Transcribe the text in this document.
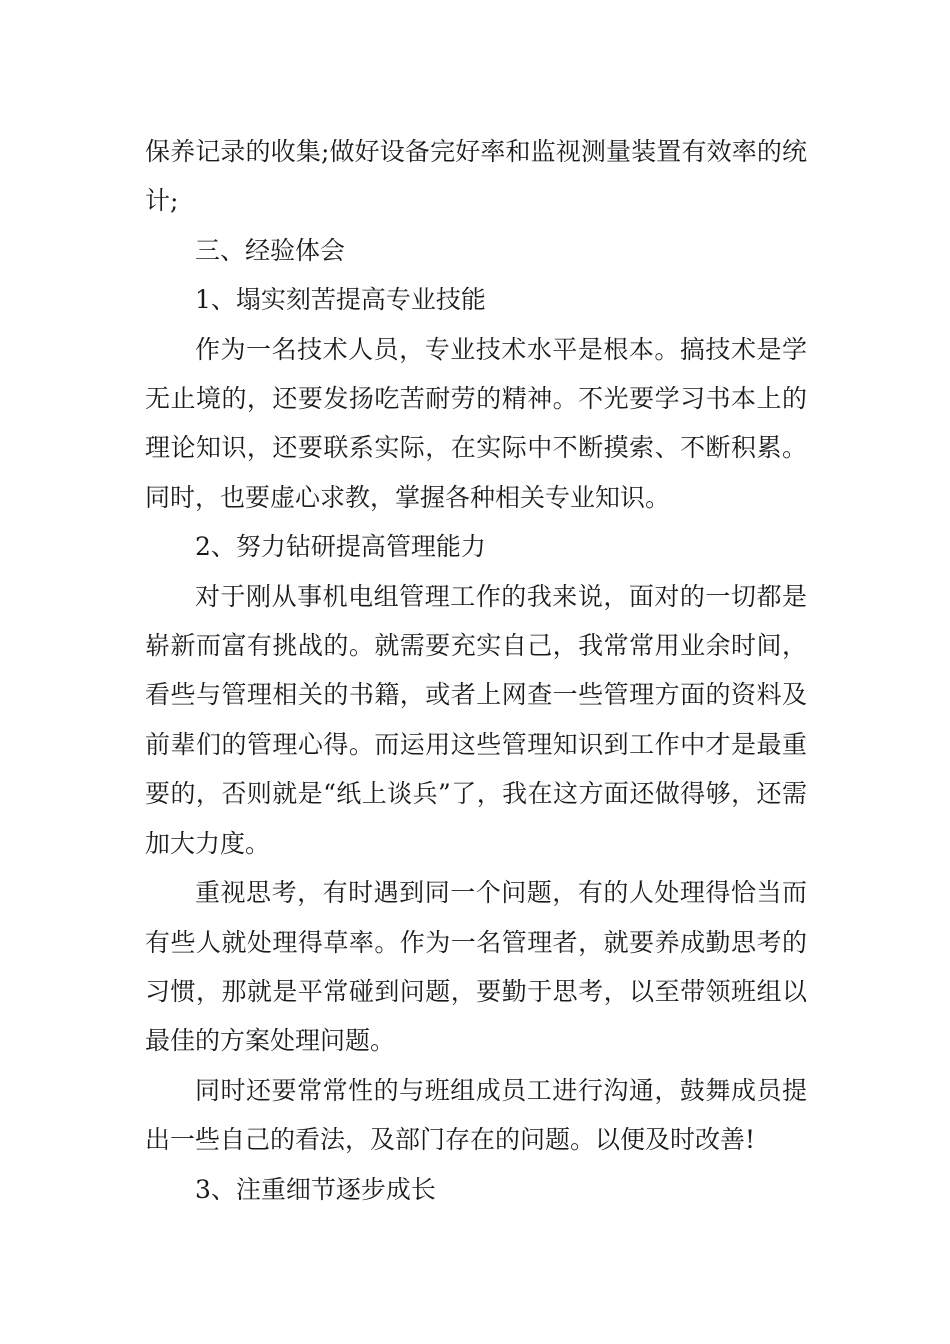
保养记录的收集;做好设备完好率和监视测量装置有效率的统计;

三、经验体会

1、塌实刻苦提高专业技能

作为一名技术人员，专业技术水平是根本。搞技术是学无止境的，还要发扬吃苦耐劳的精神。不光要学习书本上的理论知识，还要联系实际，在实际中不断摸索、不断积累。同时，也要虚心求教，掌握各种相关专业知识。

2、努力钻研提高管理能力

对于刚从事机电组管理工作的我来说，面对的一切都是崭新而富有挑战的。就需要充实自己，我常常用业余时间，看些与管理相关的书籍，或者上网查一些管理方面的资料及前辈们的管理心得。而运用这些管理知识到工作中才是最重要的，否则就是“纸上谈兵”了，我在这方面还做得够，还需加大力度。

重视思考，有时遇到同一个问题，有的人处理得恰当而有些人就处理得草率。作为一名管理者，就要养成勤思考的习惯，那就是平常碰到问题，要勤于思考，以至带领班组以最佳的方案处理问题。

同时还要常常性的与班组成员工进行沟通，鼓舞成员提出一些自己的看法，及部门存在的问题。以便及时改善!

3、注重细节逐步成长
